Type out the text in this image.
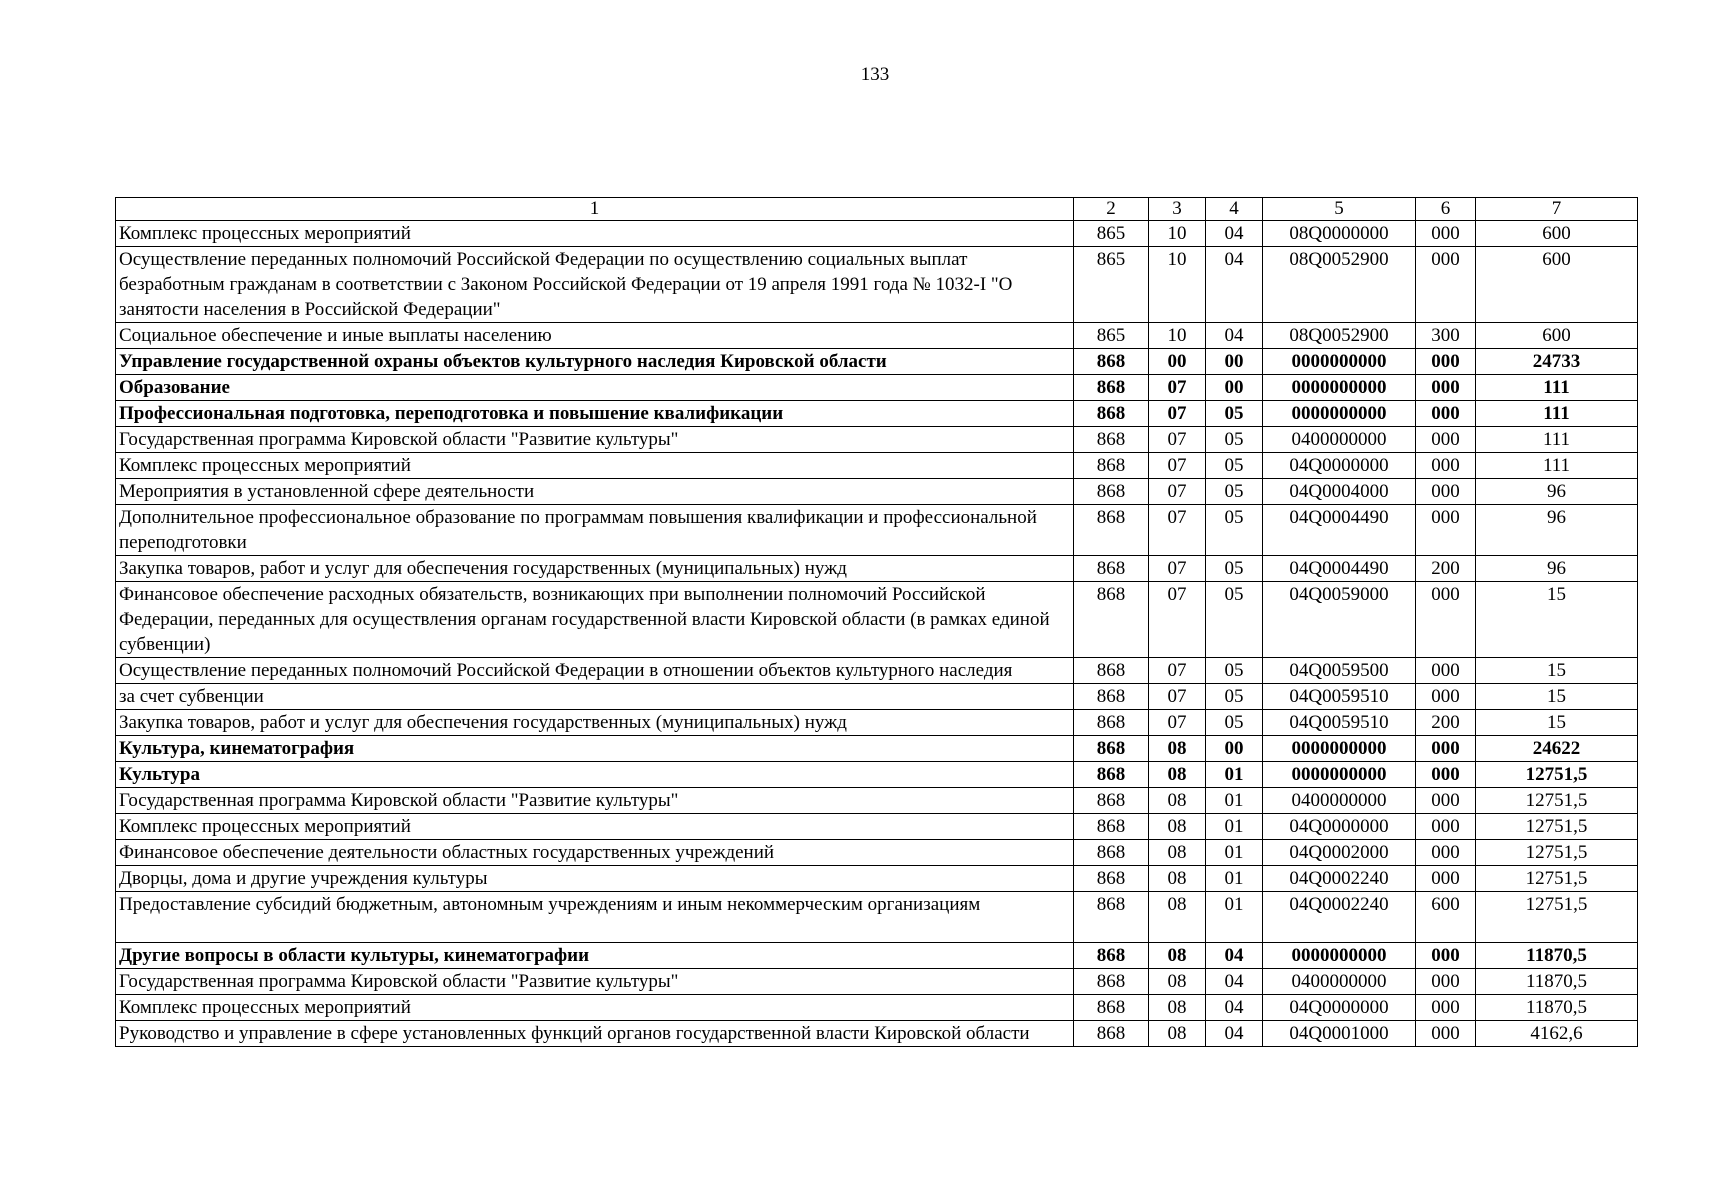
133
1	2	3	4	5	6	7
Комплекс процессных мероприятий	865	10	04	08Q0000000	000	600
Осуществление переданных полномочий Российской Федерации по осуществлению социальных выплат безработным гражданам в соответствии с Законом Российской Федерации от 19 апреля 1991 года № 1032-I "О занятости населения в Российской Федерации"	865	10	04	08Q0052900	000	600
Социальное обеспечение и иные выплаты населению	865	10	04	08Q0052900	300	600
Управление государственной охраны объектов культурного наследия Кировской области	868	00	00	0000000000	000	24733
Образование	868	07	00	0000000000	000	111
Профессиональная подготовка, переподготовка и повышение квалификации	868	07	05	0000000000	000	111
Государственная программа Кировской области "Развитие культуры"	868	07	05	0400000000	000	111
Комплекс процессных мероприятий	868	07	05	04Q0000000	000	111
Мероприятия в установленной сфере деятельности	868	07	05	04Q0004000	000	96
Дополнительное профессиональное образование по программам повышения квалификации и профессиональной переподготовки	868	07	05	04Q0004490	000	96
Закупка товаров, работ и услуг для обеспечения государственных (муниципальных) нужд	868	07	05	04Q0004490	200	96
Финансовое обеспечение расходных обязательств, возникающих при выполнении полномочий Российской Федерации, переданных для осуществления органам государственной власти Кировской области (в рамках единой субвенции)	868	07	05	04Q0059000	000	15
Осуществление переданных полномочий Российской Федерации в отношении объектов культурного наследия	868	07	05	04Q0059500	000	15
за счет субвенции	868	07	05	04Q0059510	000	15
Закупка товаров, работ и услуг для обеспечения государственных (муниципальных) нужд	868	07	05	04Q0059510	200	15
Культура, кинематография	868	08	00	0000000000	000	24622
Культура	868	08	01	0000000000	000	12751,5
Государственная программа Кировской области "Развитие культуры"	868	08	01	0400000000	000	12751,5
Комплекс процессных мероприятий	868	08	01	04Q0000000	000	12751,5
Финансовое обеспечение деятельности областных государственных учреждений	868	08	01	04Q0002000	000	12751,5
Дворцы, дома и другие учреждения культуры	868	08	01	04Q0002240	000	12751,5
Предоставление субсидий бюджетным, автономным учреждениям и иным некоммерческим организациям	868	08	01	04Q0002240	600	12751,5
Другие вопросы в области культуры, кинематографии	868	08	04	0000000000	000	11870,5
Государственная программа Кировской области "Развитие культуры"	868	08	04	0400000000	000	11870,5
Комплекс процессных мероприятий	868	08	04	04Q0000000	000	11870,5
Руководство и управление в сфере установленных функций органов государственной власти Кировской области	868	08	04	04Q0001000	000	4162,6
